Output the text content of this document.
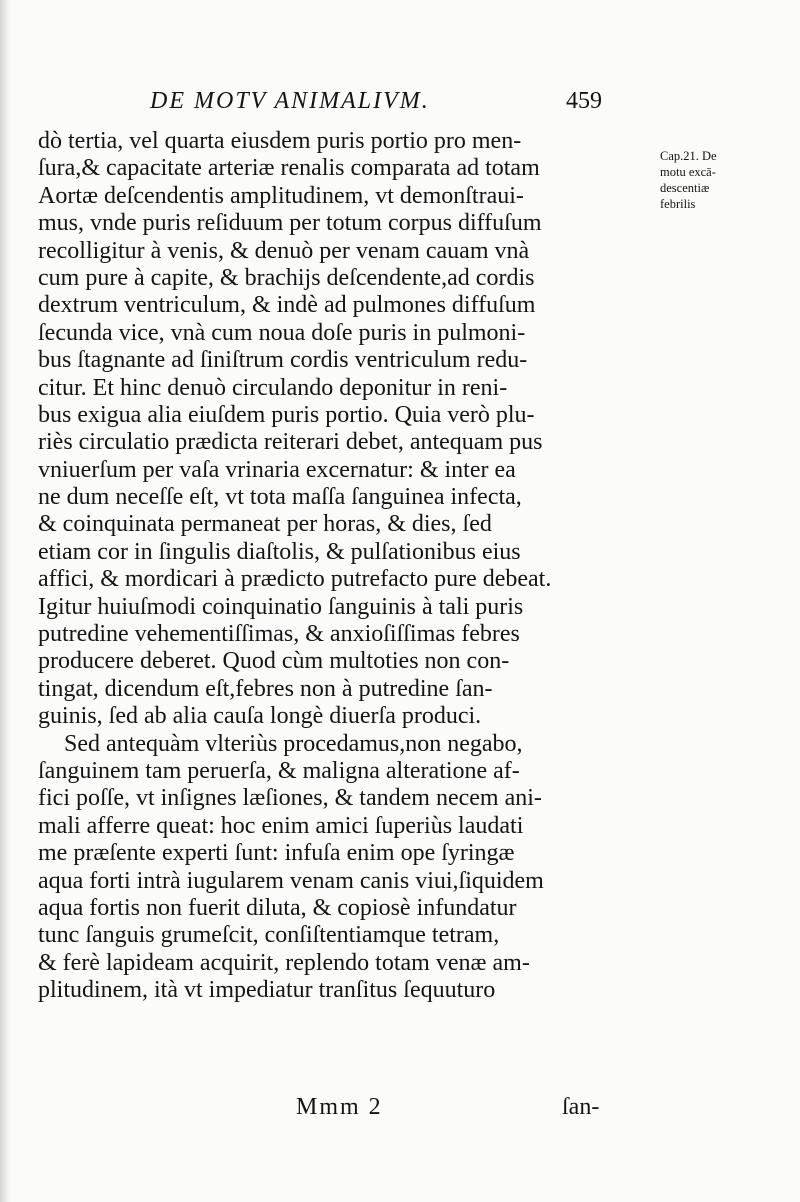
DE MOTV ANIMALIVM.	459
dò tertia, vel quarta eiusdem puris portio pro men-
ſura,& capacitate arteriæ renalis comparata ad totam
Aortæ deſcendentis amplitudinem, vt demonſtraui-
mus, vnde puris reſiduum per totum corpus diffuſum
recolligitur à venis, & denuò per venam cauam vnà
cum pure à capite, & brachijs deſcendente,ad cordis
dextrum ventriculum, & indè ad pulmones diffuſum
ſecunda vice, vnà cum noua doſe puris in pulmoni-
bus ſtagnante ad ſiniſtrum cordis ventriculum redu-
citur. Et hinc denuò circulando deponitur in reni-
bus exigua alia eiuſdem puris portio. Quia verò plu-
riès circulatio prædicta reiterari debet, antequam pus
vniuerſum per vaſa vrinaria excernatur: & inter ea
ne dum neceſſe eſt, vt tota maſſa ſanguinea infecta,
& coinquinata permaneat per horas, & dies, ſed
etiam cor in ſingulis diaſtolis, & pulſationibus eius
affici, & mordicari à prædicto putrefacto pure debeat.
Igitur huiuſmodi coinquinatio ſanguinis à tali puris
putredine vehementiſſimas, & anxioſiſſimas febres
producere deberet. Quod cùm multoties non con-
tingat, dicendum eſt,febres non à putredine ſan-
guinis, ſed ab alia cauſa longè diuerſa produci.
Sed antequàm vlteriùs procedamus,non negabo,
ſanguinem tam peruerſa, & maligna alteratione af-
fici poſſe, vt inſignes læſiones, & tandem necem ani-
mali afferre queat: hoc enim amici ſuperiùs laudati
me præſente experti ſunt: infuſa enim ope ſyringæ
aqua forti intrà iugularem venam canis viui,ſiquidem
aqua fortis non fuerit diluta, & copiosè infundatur
tunc ſanguis grumeſcit, conſiſtentiamque tetram,
& ferè lapideam acquirit, replendo totam venæ am-
plitudinem, ità vt impediatur tranſitus ſequuturo
Cap.21. De
motu excā-
descentiæ
febrilis
Mmm 2	ſan-
